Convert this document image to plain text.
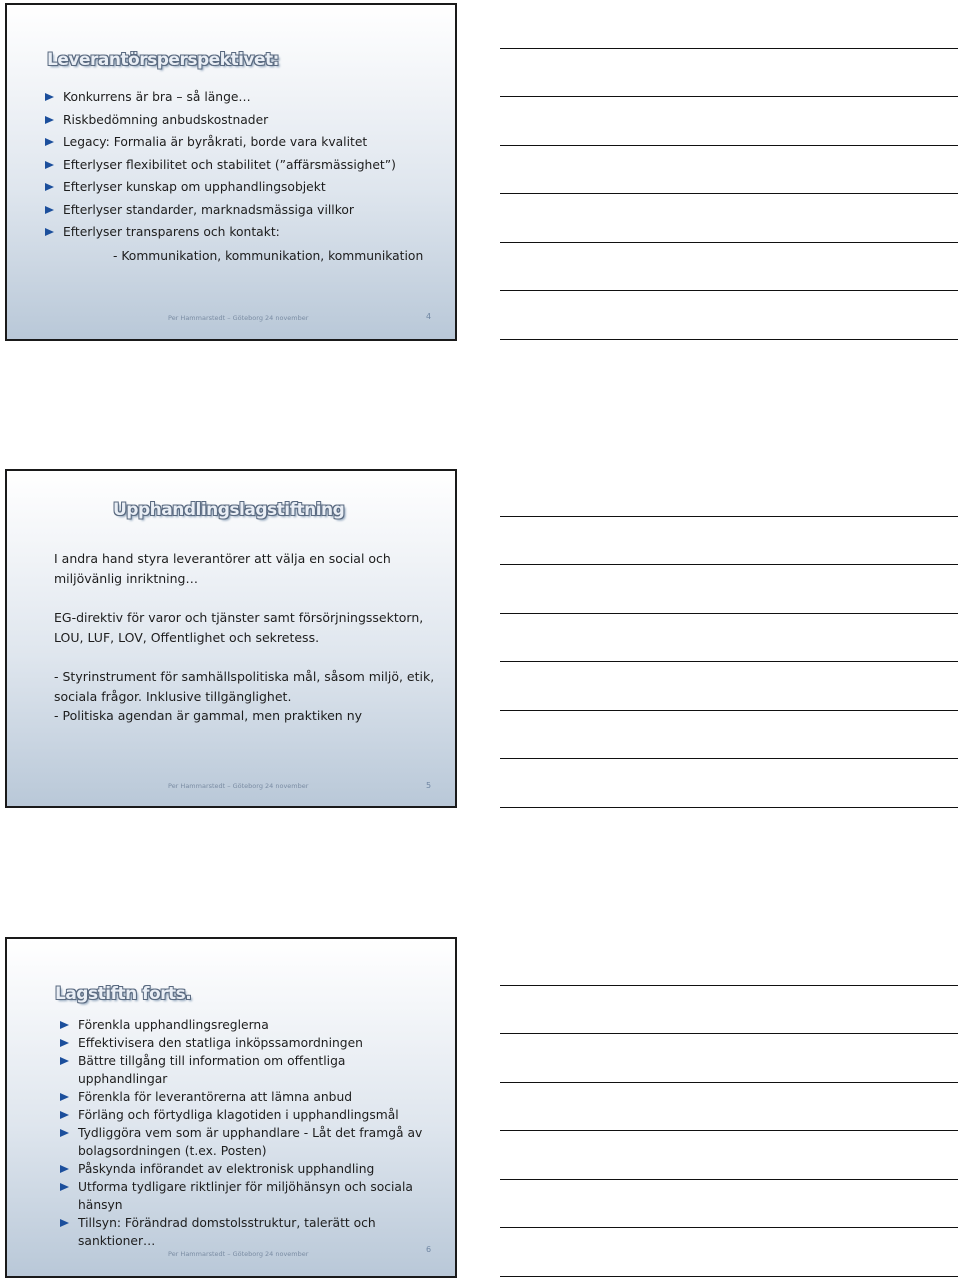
Leverantörsperspektivet:
Konkurrens är bra – så länge…
Riskbedömning anbudskostnader
Legacy: Formalia är byråkrati, borde vara kvalitet
Efterlyser flexibilitet och stabilitet (”affärsmässighet”)
Efterlyser kunskap om upphandlingsobjekt
Efterlyser standarder, marknadsmässiga villkor
Efterlyser transparens och kontakt:
- Kommunikation, kommunikation, kommunikation
Per Hammarstedt – Göteborg 24 november	4
Upphandlingslagstiftning

I andra hand styra leverantörer att välja en social och
miljövänlig inriktning…

EG-direktiv för varor och tjänster samt försörjningssektorn,
LOU, LUF, LOV, Offentlighet och sekretess.

- Styrinstrument för samhällspolitiska mål, såsom miljö, etik,
sociala frågor. Inklusive tillgänglighet.
- Politiska agendan är gammal, men praktiken ny

Per Hammarstedt – Göteborg 24 november	5
Lagstiftn forts.
Förenkla upphandlingsreglerna
Effektivisera den statliga inköpssamordningen
Bättre tillgång till information om offentliga upphandlingar
Förenkla för leverantörerna att lämna anbud
Förläng och förtydliga klagotiden i upphandlingsmål
Tydliggöra vem som är upphandlare - Låt det framgå av bolagsordningen (t.ex. Posten)
Påskynda införandet av elektronisk upphandling
Utforma tydligare riktlinjer för miljöhänsyn och sociala hänsyn
Tillsyn: Förändrad domstolsstruktur, talerätt och sanktioner…
Per Hammarstedt – Göteborg 24 november	6
